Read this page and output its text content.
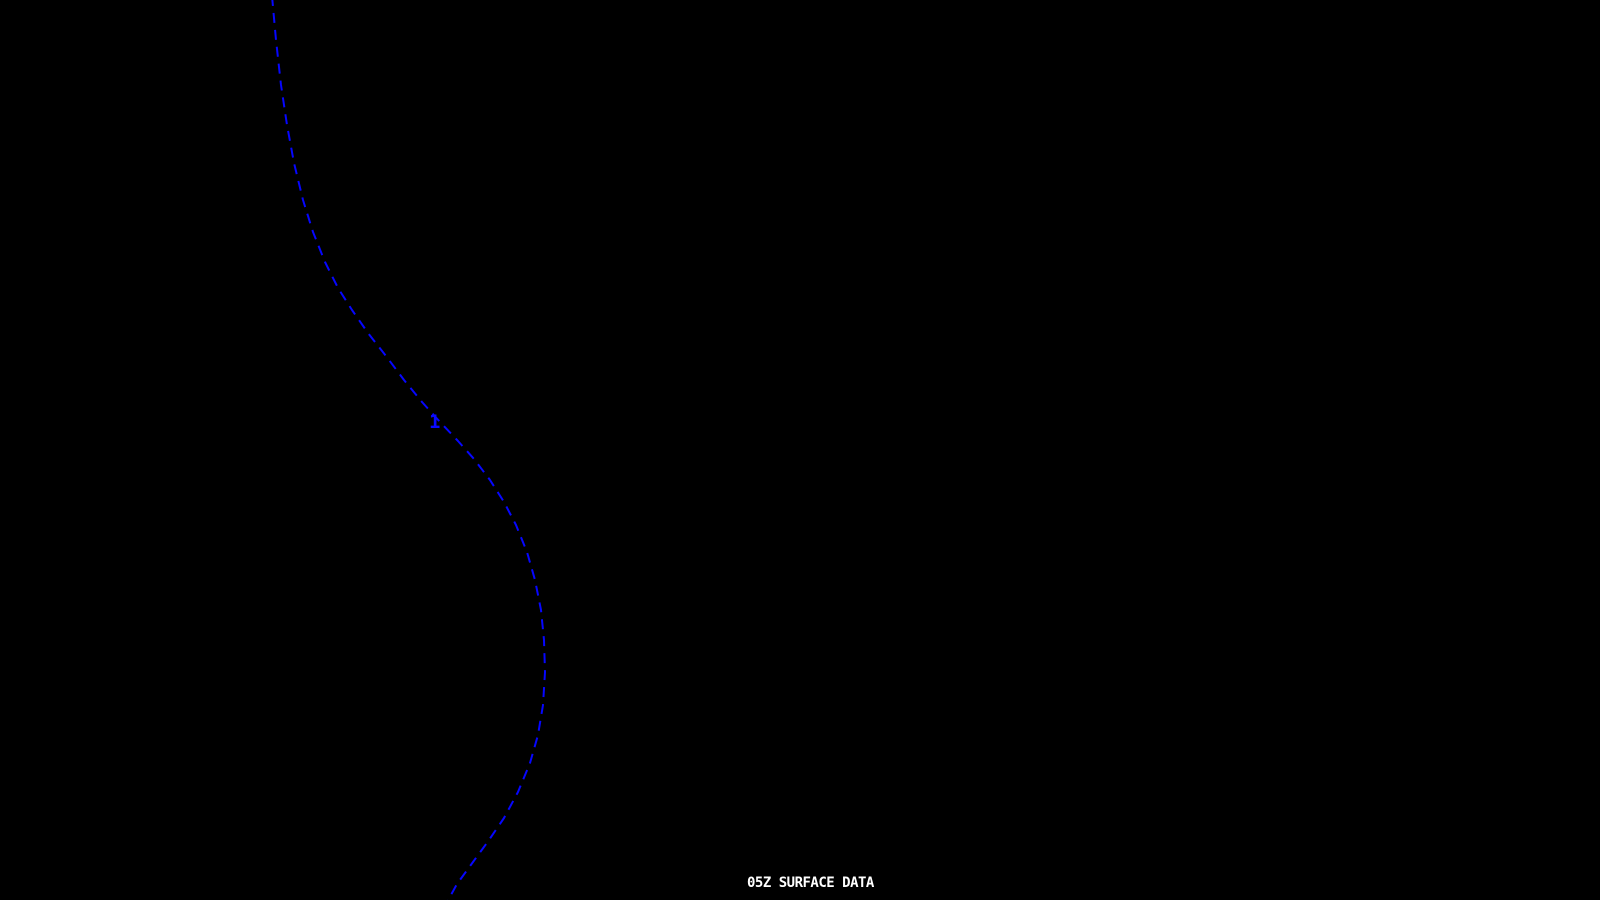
1
05Z SURFACE DATA
